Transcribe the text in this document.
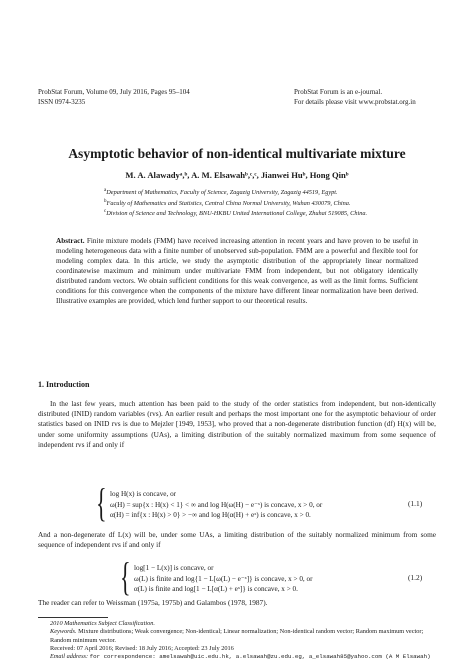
ProbStat Forum, Volume 09, July 2016, Pages 95–104
ISSN 0974-3235
ProbStat Forum is an e-journal.
For details please visit www.probstat.org.in
Asymptotic behavior of non-identical multivariate mixture
M. A. Alawadyᵃ,ᵇ, A. M. Elsawahᵇ,ᶜ,ᶜ, Jianwei Huᵇ, Hong Qinᵇ
$^a$Department of Mathematics, Faculty of Science, Zagazig University, Zagazig 44519, Egypt.
$^b$Faculty of Mathematics and Statistics, Central China Normal University, Wuhan 430079, China.
$^c$Division of Science and Technology, BNU-HKBU United International College, Zhuhai 519085, China.
Abstract. Finite mixture models (FMM) have received increasing attention in recent years and have proven to be useful in modeling heterogeneous data with a finite number of unobserved sub-population. FMM are a powerful and flexible tool for modeling complex data. In this article, we study the asymptotic distribution of the appropriately linear normalized coordinatewise maximum and minimum under multivariate FMM from independent, but not obligatory identically distributed random vectors. We obtain sufficient conditions for this weak convergence, as well as the limit forms. Sufficient conditions for this convergence when the components of the mixture have different linear normalization have been derived. Illustrative examples are provided, which lend further support to our theoretical results.
1. Introduction
In the last few years, much attention has been paid to the study of the order statistics from independent, but non-identically distributed (INID) random variables (rvs). An earlier result and perhaps the most important one for the asymptotic behaviour of order statistics based on INID rvs is due to Mejzler [1949, 1953], who proved that a non-degenerate distribution function (df) H(x) will be, under some uniformity assumptions (UAs), a limiting distribution of the suitably normalized maximum from some sequence of independent rvs if and only if
{ log H(x) is concave, or
ω(H) = sup{x : H(x) < 1} < ∞ and log H(ω(H) − e⁻ˣ) is concave, x > 0, or
α(H) = inf{x : H(x) > 0} > −∞ and log H(α(H) + eˣ) is concave, x > 0.
(1.1)
And a non-degenerate df L(x) will be, under some UAs, a limiting distribution of the suitably normalized minimum from some sequence of independent rvs if and only if
{ log[1 − L(x)] is concave, or
ω(L) is finite and log{1 − L[ω(L) − e⁻ˣ]} is concave, x > 0, or
α(L) is finite and log[1 − L[α(L) + eˣ]} is concave, x > 0.
(1.2)
The reader can refer to Weissman (1975a, 1975b) and Galambos (1978, 1987).
2010 Mathematics Subject Classification.
Keywords. Mixture distributions; Weak convergence; Non-identical; Linear normalization; Non-identical random vector; Random maximum vector; Random minimum vector.
Received: 07 April 2016; Revised: 18 July 2016; Accepted: 23 July 2016
Email address: for correspondence: amelsawah@uic.edu.hk, a.elsawah@zu.edu.eg, a_elsawah85@yahoo.com (A M Elsawah)
